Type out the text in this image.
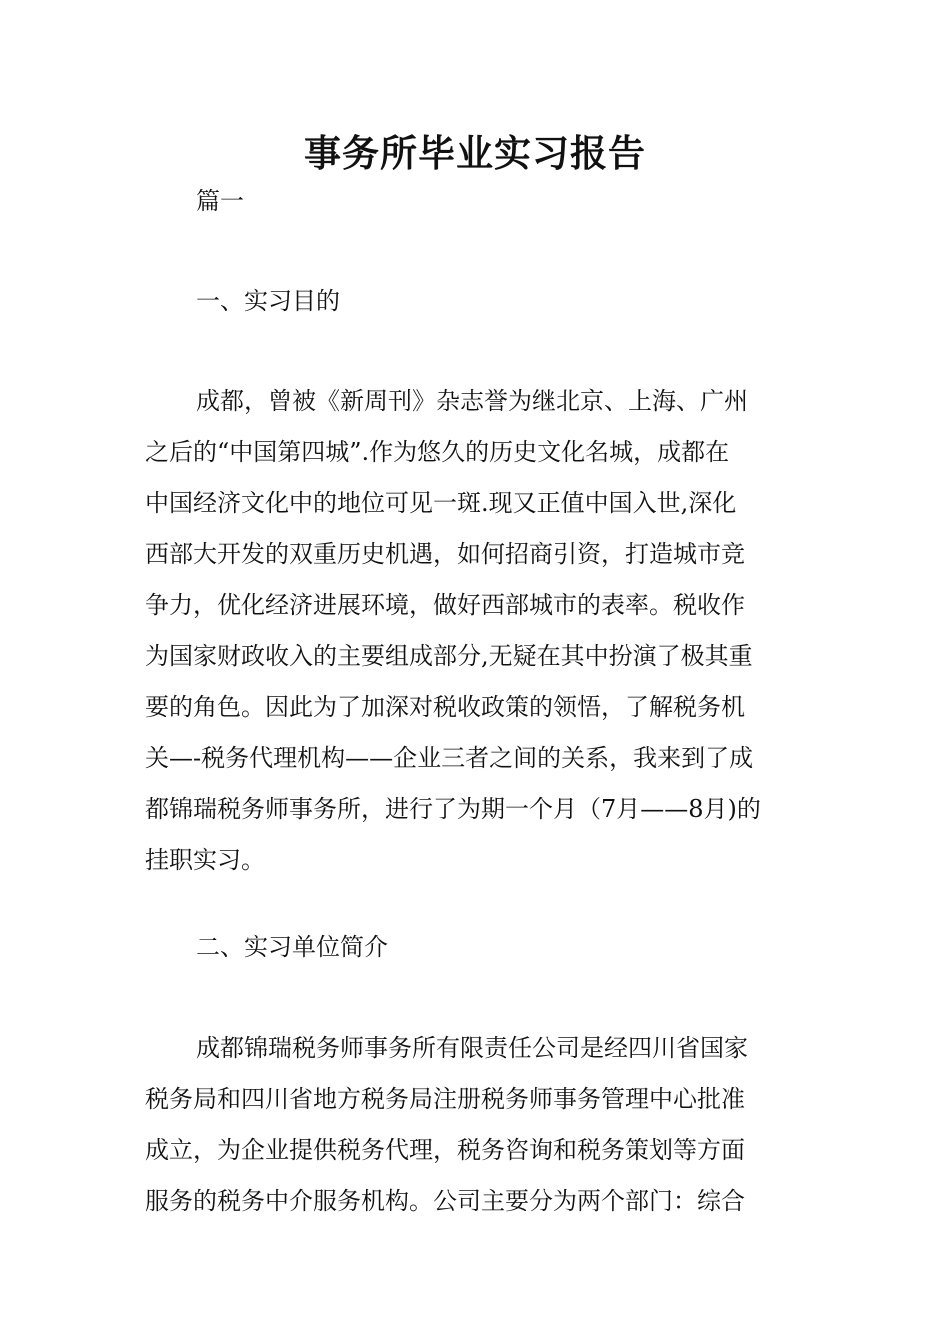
事务所毕业实习报告

篇一

一、实习目的

成都，曾被《新周刊》杂志誉为继北京、上海、广州

之后的“中国第四城”.作为悠久的历史文化名城，成都在

中国经济文化中的地位可见一斑.现又正值中国入世,深化

西部大开发的双重历史机遇，如何招商引资，打造城市竞

争力，优化经济进展环境，做好西部城市的表率。税收作

为国家财政收入的主要组成部分,无疑在其中扮演了极其重

要的角色。因此为了加深对税收政策的领悟，了解税务机

关—-税务代理机构——企业三者之间的关系，我来到了成

都锦瑞税务师事务所，进行了为期一个月（7月——8月)的

挂职实习。

二、实习单位简介

成都锦瑞税务师事务所有限责任公司是经四川省国家

税务局和四川省地方税务局注册税务师事务管理中心批准

成立，为企业提供税务代理，税务咨询和税务策划等方面

服务的税务中介服务机构。公司主要分为两个部门：综合
